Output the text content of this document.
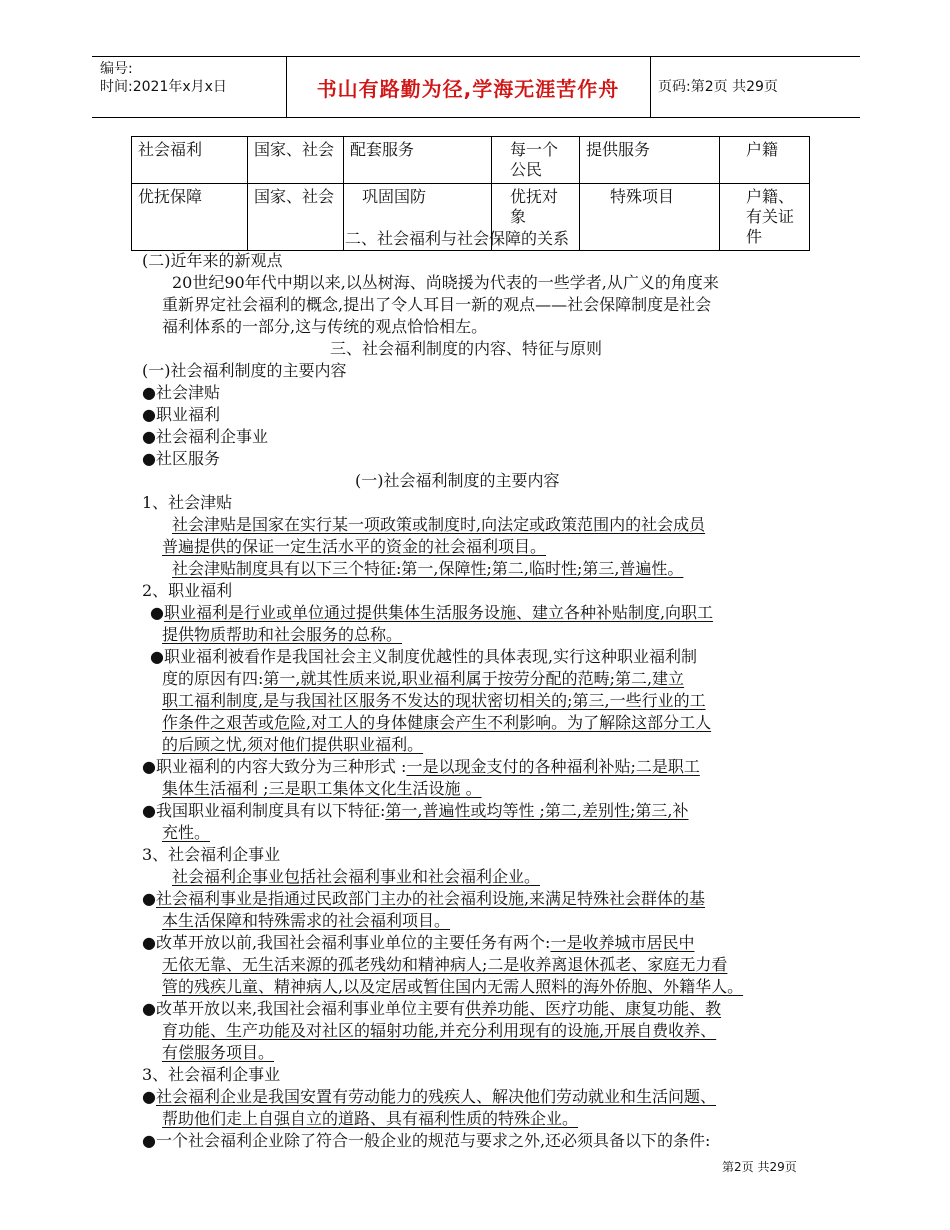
编号:
时间:2021年x月x日	书山有路勤为径,学海无涯苦作舟	页码:第2页 共29页
社会福利	国家、社会	配套服务	每一个公民	提供服务	户籍
优抚保障	国家、社会	巩固国防	优抚对象	特殊项目	户籍、有关证件
二、社会福利与社会保障的关系
(二)近年来的新观点
20世纪90年代中期以来,以丛树海、尚晓援为代表的一些学者,从广义的角度来
重新界定社会福利的概念,提出了令人耳目一新的观点——社会保障制度是社会
福利体系的一部分,这与传统的观点恰恰相左。
三、社会福利制度的内容、特征与原则
(一)社会福利制度的主要内容
●社会津贴
●职业福利
●社会福利企事业
●社区服务
(一)社会福利制度的主要内容
1、社会津贴
社会津贴是国家在实行某一项政策或制度时,向法定或政策范围内的社会成员
普遍提供的保证一定生活水平的资金的社会福利项目。
社会津贴制度具有以下三个特征:第一,保障性;第二,临时性;第三,普遍性。
2、职业福利
●职业福利是行业或单位通过提供集体生活服务设施、建立各种补贴制度,向职工
提供物质帮助和社会服务的总称。
●职业福利被看作是我国社会主义制度优越性的具体表现,实行这种职业福利制
度的原因有四:第一,就其性质来说,职业福利属于按劳分配的范畴;第二,建立
职工福利制度,是与我国社区服务不发达的现状密切相关的;第三,一些行业的工
作条件之艰苦或危险,对工人的身体健康会产生不利影响。为了解除这部分工人
的后顾之忧,须对他们提供职业福利。
●职业福利的内容大致分为三种形式 :一是以现金支付的各种福利补贴;二是职工
集体生活福利 ;三是职工集体文化生活设施 。
●我国职业福利制度具有以下特征:第一,普遍性或均等性 ;第二,差别性;第三,补
充性。
3、社会福利企事业
社会福利企事业包括社会福利事业和社会福利企业。
●社会福利事业是指通过民政部门主办的社会福利设施,来满足特殊社会群体的基
本生活保障和特殊需求的社会福利项目。
●改革开放以前,我国社会福利事业单位的主要任务有两个:一是收养城市居民中
无依无靠、无生活来源的孤老残幼和精神病人;二是收养离退休孤老、家庭无力看
管的残疾儿童、精神病人,以及定居或暂住国内无需人照料的海外侨胞、外籍华人。
●改革开放以来,我国社会福利事业单位主要有供养功能、医疗功能、康复功能、教
育功能、生产功能及对社区的辐射功能,并充分利用现有的设施,开展自费收养、
有偿服务项目。
3、社会福利企事业
●社会福利企业是我国安置有劳动能力的残疾人、解决他们劳动就业和生活问题、
帮助他们走上自强自立的道路、具有福利性质的特殊企业。
●一个社会福利企业除了符合一般企业的规范与要求之外,还必须具备以下的条件:
第2页 共29页
